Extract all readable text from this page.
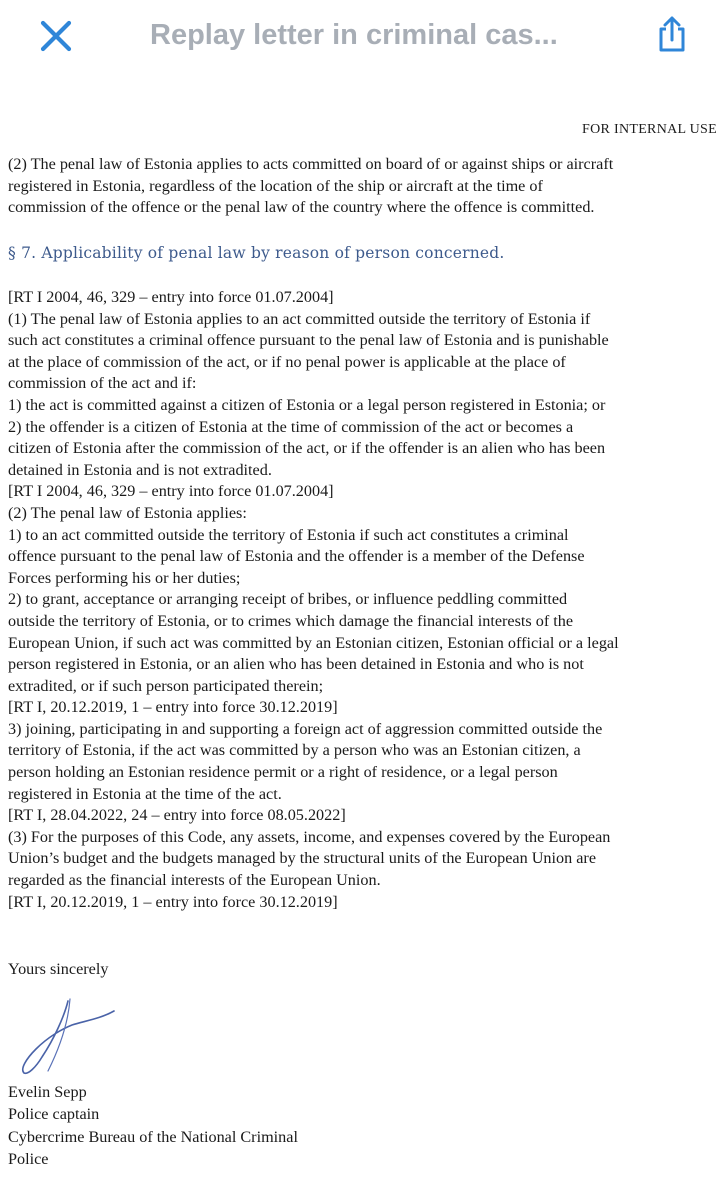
Replay letter in criminal cas...
FOR INTERNAL USE
(2) The penal law of Estonia applies to acts committed on board of or against ships or aircraft
registered in Estonia, regardless of the location of the ship or aircraft at the time of
commission of the offence or the penal law of the country where the offence is committed.
§ 7. Applicability of penal law by reason of person concerned.
[RT I 2004, 46, 329 – entry into force 01.07.2004]
(1) The penal law of Estonia applies to an act committed outside the territory of Estonia if
such act constitutes a criminal offence pursuant to the penal law of Estonia and is punishable
at the place of commission of the act, or if no penal power is applicable at the place of
commission of the act and if:
1) the act is committed against a citizen of Estonia or a legal person registered in Estonia; or
2) the offender is a citizen of Estonia at the time of commission of the act or becomes a
citizen of Estonia after the commission of the act, or if the offender is an alien who has been
detained in Estonia and is not extradited.
[RT I 2004, 46, 329 – entry into force 01.07.2004]
(2) The penal law of Estonia applies:
1) to an act committed outside the territory of Estonia if such act constitutes a criminal
offence pursuant to the penal law of Estonia and the offender is a member of the Defense
Forces performing his or her duties;
2) to grant, acceptance or arranging receipt of bribes, or influence peddling committed
outside the territory of Estonia, or to crimes which damage the financial interests of the
European Union, if such act was committed by an Estonian citizen, Estonian official or a legal
person registered in Estonia, or an alien who has been detained in Estonia and who is not
extradited, or if such person participated therein;
[RT I, 20.12.2019, 1 – entry into force 30.12.2019]
3) joining, participating in and supporting a foreign act of aggression committed outside the
territory of Estonia, if the act was committed by a person who was an Estonian citizen, a
person holding an Estonian residence permit or a right of residence, or a legal person
registered in Estonia at the time of the act.
[RT I, 28.04.2022, 24 – entry into force 08.05.2022]
(3) For the purposes of this Code, any assets, income, and expenses covered by the European
Union’s budget and the budgets managed by the structural units of the European Union are
regarded as the financial interests of the European Union.
[RT I, 20.12.2019, 1 – entry into force 30.12.2019]
Yours sincerely
Evelin Sepp
Police captain
Cybercrime Bureau of the National Criminal
Police
